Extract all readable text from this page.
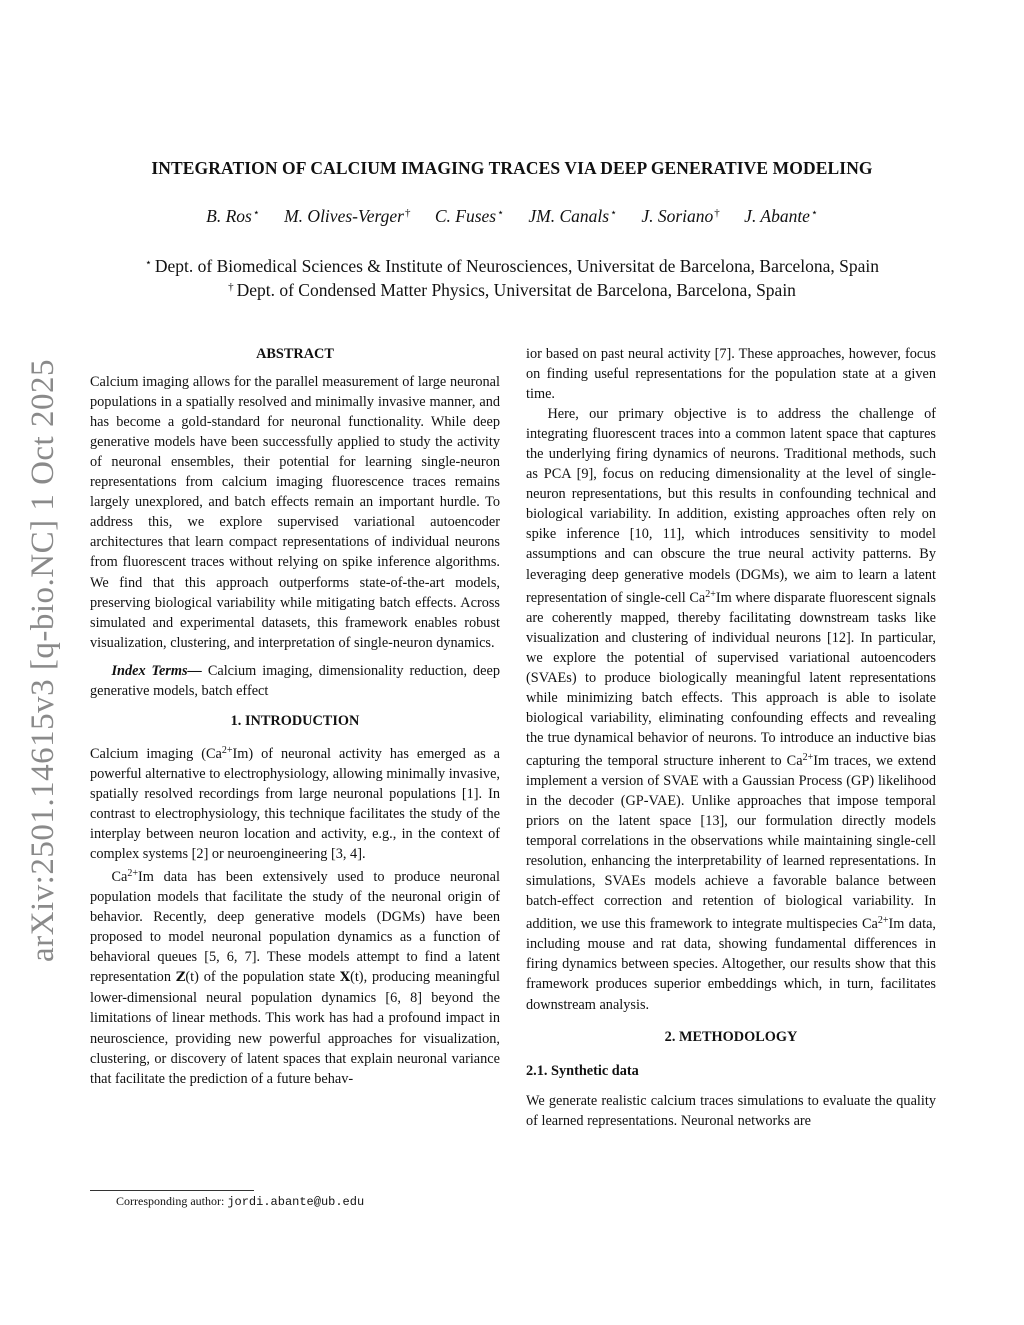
arXiv:2501.14615v3 [q-bio.NC] 1 Oct 2025
INTEGRATION OF CALCIUM IMAGING TRACES VIA DEEP GENERATIVE MODELING
B. Ros⋆ M. Olives-Verger† C. Fuses⋆ JM. Canals⋆ J. Soriano† J. Abante⋆
⋆ Dept. of Biomedical Sciences & Institute of Neurosciences, Universitat de Barcelona, Barcelona, Spain
† Dept. of Condensed Matter Physics, Universitat de Barcelona, Barcelona, Spain
ABSTRACT

Calcium imaging allows for the parallel measurement of large neuronal populations in a spatially resolved and minimally invasive manner, and has become a gold-standard for neuronal functionality. While deep generative models have been successfully applied to study the activity of neuronal ensembles, their potential for learning single-neuron representations from calcium imaging fluorescence traces remains largely unexplored, and batch effects remain an important hurdle. To address this, we explore supervised variational autoencoder architectures that learn compact representations of individual neurons from fluorescent traces without relying on spike inference algorithms. We find that this approach outperforms state-of-the-art models, preserving biological variability while mitigating batch effects. Across simulated and experimental datasets, this framework enables robust visualization, clustering, and interpretation of single-neuron dynamics.

Index Terms— Calcium imaging, dimensionality reduction, deep generative models, batch effect

1. INTRODUCTION

Calcium imaging $(Ca^{2+}Im)$ of neuronal activity has emerged as a powerful alternative to electrophysiology, allowing minimally invasive, spatially resolved recordings from large neuronal populations [1]. In contrast to electrophysiology, this technique facilitates the study of the interplay between neuron location and activity, e.g., in the context of complex systems [2] or neuroengineering [3, 4].

$Ca^{2+}Im$ data has been extensively used to produce neuronal population models that facilitate the study of the neuronal origin of behavior. Recently, deep generative models (DGMs) have been proposed to model neuronal population dynamics as a function of behavioral queues [5, 6, 7]. These models attempt to find a latent representation Z(t) of the population state X(t), producing meaningful lower-dimensional neural population dynamics [6, 8] beyond the limitations of linear methods. This work has had a profound impact in neuroscience, providing new powerful approaches for visualization, clustering, or discovery of latent spaces that explain neuronal variance that facilitate the prediction of a future behav-

ior based on past neural activity [7]. These approaches, however, focus on finding useful representations for the population state at a given time.

Here, our primary objective is to address the challenge of integrating fluorescent traces into a common latent space that captures the underlying firing dynamics of neurons. Traditional methods, such as PCA [9], focus on reducing dimensionality at the level of single-neuron representations, but this results in confounding technical and biological variability. In addition, existing approaches often rely on spike inference [10, 11], which introduces sensitivity to model assumptions and can obscure the true neural activity patterns. By leveraging deep generative models (DGMs), we aim to learn a latent representation of single-cell $Ca^{2+}Im$ where disparate fluorescent signals are coherently mapped, thereby facilitating downstream tasks like visualization and clustering of individual neurons [12]. In particular, we explore the potential of supervised variational autoencoders (SVAEs) to produce biologically meaningful latent representations while minimizing batch effects. This approach is able to isolate biological variability, eliminating confounding effects and revealing the true dynamical behavior of neurons. To introduce an inductive bias capturing the temporal structure inherent to $Ca^{2+}Im$ traces, we extend implement a version of SVAE with a Gaussian Process (GP) likelihood in the decoder (GP-VAE). Unlike approaches that impose temporal priors on the latent space [13], our formulation directly models temporal correlations in the observations while maintaining single-cell resolution, enhancing the interpretability of learned representations. In simulations, SVAEs models achieve a favorable balance between batch-effect correction and retention of biological variability. In addition, we use this framework to integrate multispecies $Ca^{2+}Im$ data, including mouse and rat data, showing fundamental differences in firing dynamics between species. Altogether, our results show that this framework produces superior embeddings which, in turn, facilitates downstream analysis.

2. METHODOLOGY
2.1. Synthetic data

We generate realistic calcium traces simulations to evaluate the quality of learned representations. Neuronal networks are

Corresponding author: jordi.abante@ub.edu
